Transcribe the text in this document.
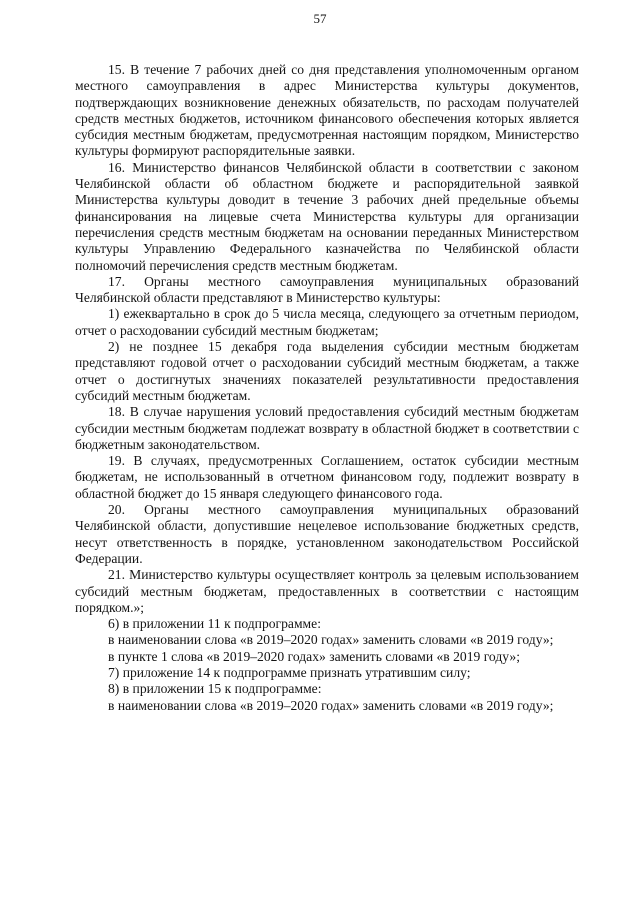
57

15. В течение 7 рабочих дней со дня представления уполномоченным органом местного самоуправления в адрес Министерства культуры документов, подтверждающих возникновение денежных обязательств, по расходам получателей средств местных бюджетов, источником финансового обеспечения которых является субсидия местным бюджетам, предусмотренная настоящим порядком, Министерство культуры формируют распорядительные заявки.

16. Министерство финансов Челябинской области в соответствии с законом Челябинской области об областном бюджете и распорядительной заявкой Министерства культуры доводит в течение 3 рабочих дней предельные объемы финансирования на лицевые счета Министерства культуры для организации перечисления средств местным бюджетам на основании переданных Министерством культуры Управлению Федерального казначейства по Челябинской области полномочий перечисления средств местным бюджетам.

17. Органы местного самоуправления муниципальных образований Челябинской области представляют в Министерство культуры:

1) ежеквартально в срок до 5 числа месяца, следующего за отчетным периодом, отчет о расходовании субсидий местным бюджетам;

2) не позднее 15 декабря года выделения субсидии местным бюджетам представляют годовой отчет о расходовании субсидий местным бюджетам, а также отчет о достигнутых значениях показателей результативности предоставления субсидий местным бюджетам.

18. В случае нарушения условий предоставления субсидий местным бюджетам субсидии местным бюджетам подлежат возврату в областной бюджет в соответствии с бюджетным законодательством.

19. В случаях, предусмотренных Соглашением, остаток субсидии местным бюджетам, не использованный в отчетном финансовом году, подлежит возврату в областной бюджет до 15 января следующего финансового года.

20. Органы местного самоуправления муниципальных образований Челябинской области, допустившие нецелевое использование бюджетных средств, несут ответственность в порядке, установленном законодательством Российской Федерации.

21. Министерство культуры осуществляет контроль за целевым использованием субсидий местным бюджетам, предоставленных в соответствии с настоящим порядком.»;

6) в приложении 11 к подпрограмме:

в наименовании слова «в 2019–2020 годах» заменить словами «в 2019 году»;

в пункте 1 слова «в 2019–2020 годах» заменить словами «в 2019 году»;

7) приложение 14 к подпрограмме признать утратившим силу;

8) в приложении 15 к подпрограмме:

в наименовании слова «в 2019–2020 годах» заменить словами «в 2019 году»;
